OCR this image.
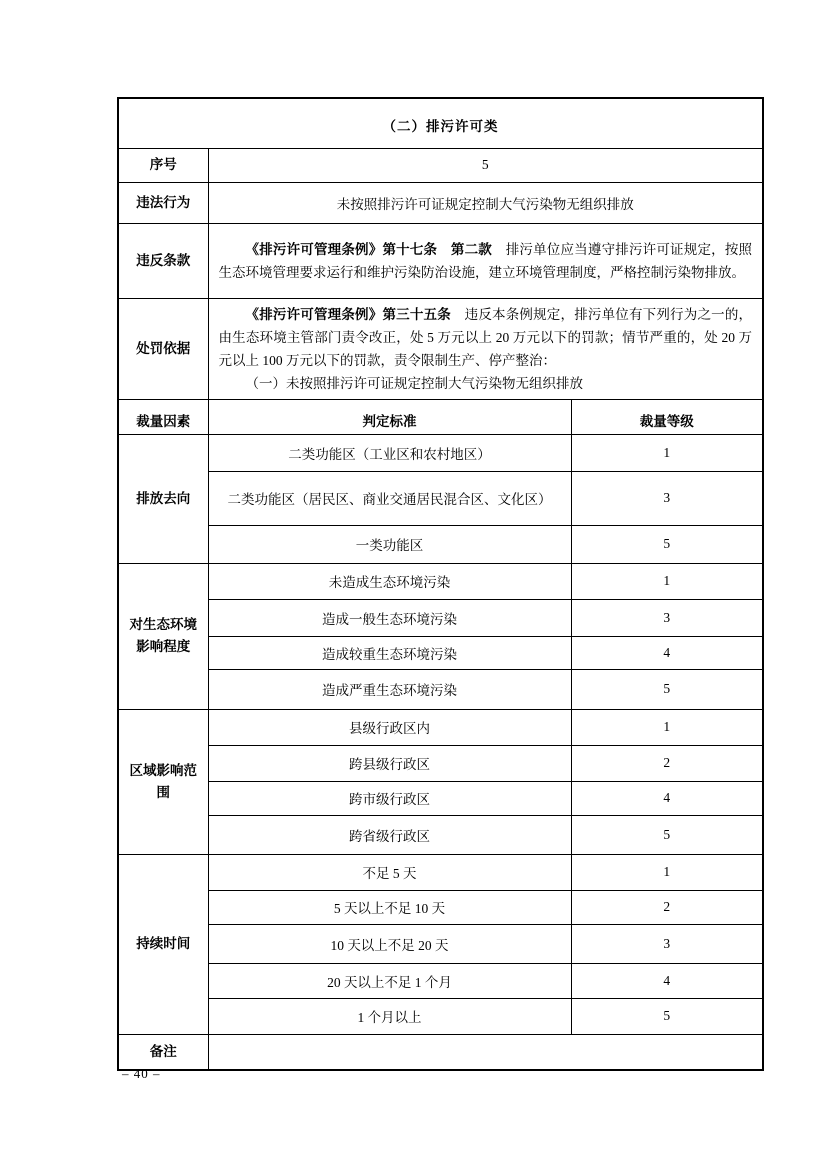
（二）排污许可类		
序号	5	
违法行为	未按照排污许可证规定控制大气污染物无组织排放	
违反条款	《排污许可管理条例》第十七条　第二款　排污单位应当遵守排污许可证规定，按照生态环境管理要求运行和维护污染防治设施，建立环境管理制度，严格控制污染物排放。	

处罚依据	《排污许可管理条例》第三十五条　违反本条例规定，排污单位有下列行为之一的，由生态环境主管部门责令改正，处 5 万元以上 20 万元以下的罚款；情节严重的，处 20 万元以上 100 万元以下的罚款，责令限制生产、停产整治：

（一）未按照排污许可证规定控制大气污染物无组织排放	

裁量因素	判定标准	裁量等级
排放去向	二类功能区（工业区和农村地区）	1
	二类功能区（居民区、商业交通居民混合区、文化区）	3
	一类功能区	5
对生态环境影响程度	未造成生态环境污染	1
	造成一般生态环境污染	3
	造成较重生态环境污染	4
	造成严重生态环境污染	5
区域影响范围	县级行政区内	1
	跨县级行政区	2
	跨市级行政区	4
	跨省级行政区	5
持续时间	不足 5 天	1
	5 天以上不足 10 天	2
	10 天以上不足 20 天	3
	20 天以上不足 1 个月	4
	1 个月以上	5
备注		
– 40 –
